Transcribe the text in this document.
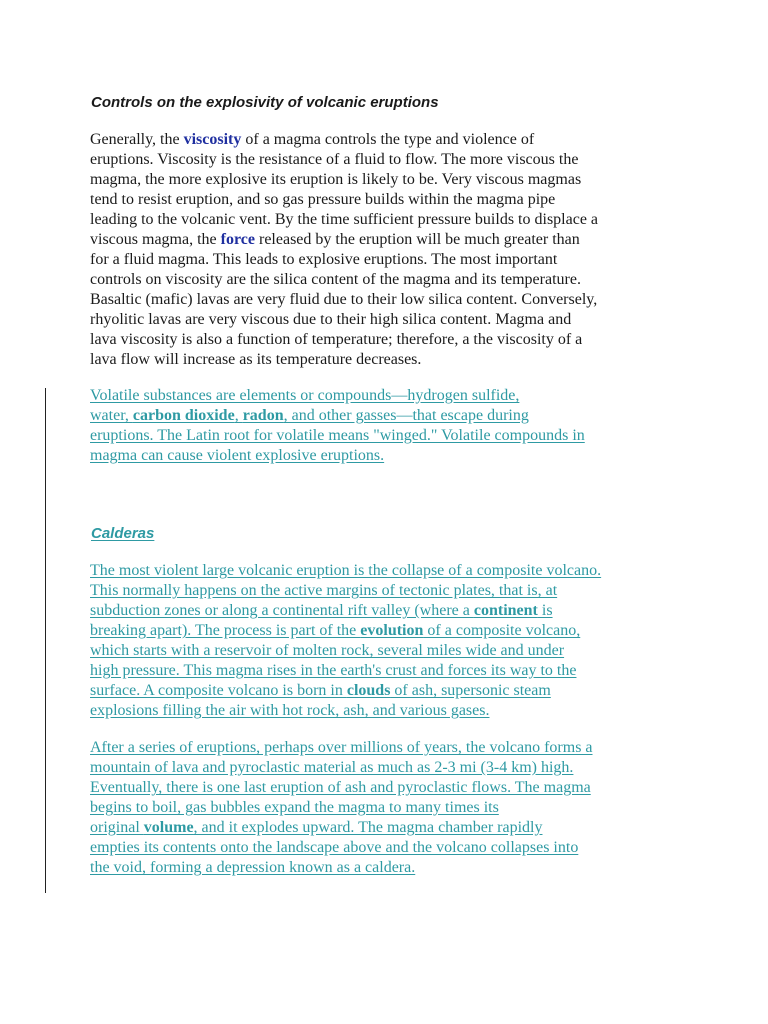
Controls on the explosivity of volcanic eruptions
Generally, the viscosity of a magma controls the type and violence of
eruptions. Viscosity is the resistance of a fluid to flow. The more viscous the
magma, the more explosive its eruption is likely to be. Very viscous magmas
tend to resist eruption, and so gas pressure builds within the magma pipe
leading to the volcanic vent. By the time sufficient pressure builds to displace a
viscous magma, the force released by the eruption will be much greater than
for a fluid magma. This leads to explosive eruptions. The most important
controls on viscosity are the silica content of the magma and its temperature.
Basaltic (mafic) lavas are very fluid due to their low silica content. Conversely,
rhyolitic lavas are very viscous due to their high silica content. Magma and
lava viscosity is also a function of temperature; therefore, a the viscosity of a
lava flow will increase as its temperature decreases.
Volatile substances are elements or compounds—hydrogen sulfide,
water, carbon dioxide, radon, and other gasses—that escape during
eruptions. The Latin root for volatile means "winged." Volatile compounds in
magma can cause violent explosive eruptions.
Calderas
The most violent large volcanic eruption is the collapse of a composite volcano.
This normally happens on the active margins of tectonic plates, that is, at
subduction zones or along a continental rift valley (where a continent is
breaking apart). The process is part of the evolution of a composite volcano,
which starts with a reservoir of molten rock, several miles wide and under
high pressure. This magma rises in the earth's crust and forces its way to the
surface. A composite volcano is born in clouds of ash, supersonic steam
explosions filling the air with hot rock, ash, and various gases.
After a series of eruptions, perhaps over millions of years, the volcano forms a
mountain of lava and pyroclastic material as much as 2-3 mi (3-4 km) high.
Eventually, there is one last eruption of ash and pyroclastic flows. The magma
begins to boil, gas bubbles expand the magma to many times its
original volume, and it explodes upward. The magma chamber rapidly
empties its contents onto the landscape above and the volcano collapses into
the void, forming a depression known as a caldera.
